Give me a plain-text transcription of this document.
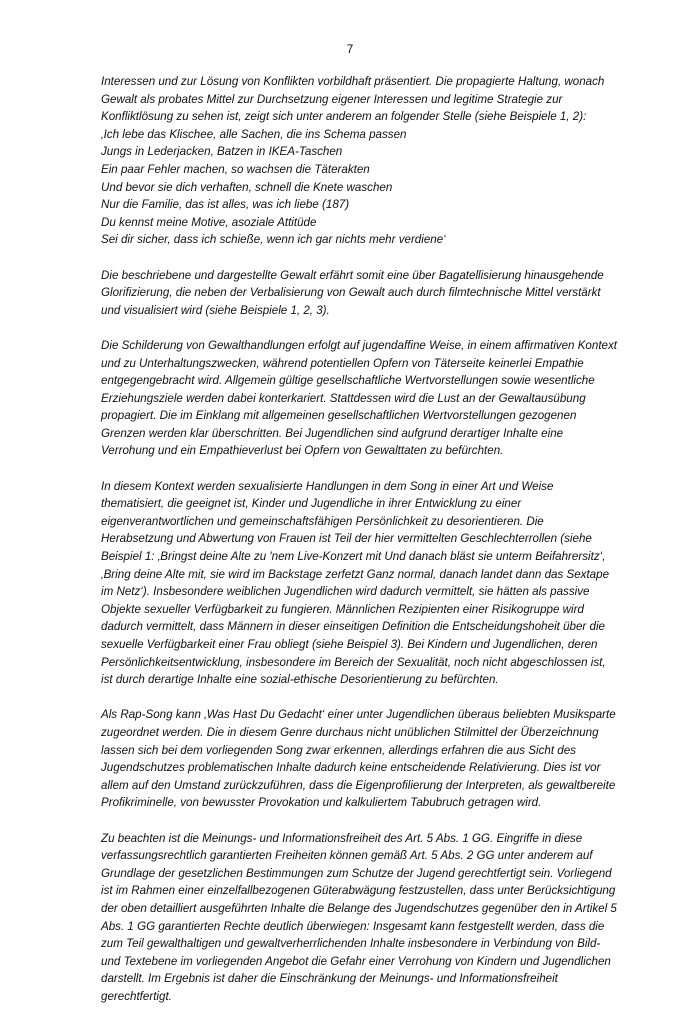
7

Interessen und zur Lösung von Konflikten vorbildhaft präsentiert. Die propagierte Haltung, wonach Gewalt als probates Mittel zur Durchsetzung eigener Interessen und legitime Strategie zur Konfliktlösung zu sehen ist, zeigt sich unter anderem an folgender Stelle (siehe Beispiele 1, 2):
‚Ich lebe das Klischee, alle Sachen, die ins Schema passen
Jungs in Lederjacken, Batzen in IKEA-Taschen
Ein paar Fehler machen, so wachsen die Täterakten
Und bevor sie dich verhaften, schnell die Knete waschen
Nur die Familie, das ist alles, was ich liebe (187)
Du kennst meine Motive, asoziale Attitüde
Sei dir sicher, dass ich schieße, wenn ich gar nichts mehr verdiene‘

Die beschriebene und dargestellte Gewalt erfährt somit eine über Bagatellisierung hinausgehende Glorifizierung, die neben der Verbalisierung von Gewalt auch durch filmtechnische Mittel verstärkt und visualisiert wird (siehe Beispiele 1, 2, 3).

Die Schilderung von Gewalthandlungen erfolgt auf jugendaffine Weise, in einem affirmativen Kontext und zu Unterhaltungszwecken, während potentiellen Opfern von Täterseite keinerlei Empathie entgegengebracht wird. Allgemein gültige gesellschaftliche Wertvorstellungen sowie wesentliche Erziehungsziele werden dabei konterkariert. Stattdessen wird die Lust an der Gewaltausübung propagiert. Die im Einklang mit allgemeinen gesellschaftlichen Wertvorstellungen gezogenen Grenzen werden klar überschritten. Bei Jugendlichen sind aufgrund derartiger Inhalte eine Verrohung und ein Empathieverlust bei Opfern von Gewalttaten zu befürchten.

In diesem Kontext werden sexualisierte Handlungen in dem Song in einer Art und Weise thematisiert, die geeignet ist, Kinder und Jugendliche in ihrer Entwicklung zu einer eigenverantwortlichen und gemeinschaftsfähigen Persönlichkeit zu desorientieren. Die Herabsetzung und Abwertung von Frauen ist Teil der hier vermittelten Geschlechterrollen (siehe Beispiel 1: ‚Bringst deine Alte zu 'nem Live-Konzert mit Und danach bläst sie unterm Beifahrersitz‘, ‚Bring deine Alte mit, sie wird im Backstage zerfetzt Ganz normal, danach landet dann das Sextape im Netz‘). Insbesondere weiblichen Jugendlichen wird dadurch vermittelt, sie hätten als passive Objekte sexueller Verfügbarkeit zu fungieren. Männlichen Rezipienten einer Risikogruppe wird dadurch vermittelt, dass Männern in dieser einseitigen Definition die Entscheidungshoheit über die sexuelle Verfügbarkeit einer Frau obliegt (siehe Beispiel 3). Bei Kindern und Jugendlichen, deren Persönlichkeitsentwicklung, insbesondere im Bereich der Sexualität, noch nicht abgeschlossen ist, ist durch derartige Inhalte eine sozial-ethische Desorientierung zu befürchten.

Als Rap-Song kann ‚Was Hast Du Gedacht‘ einer unter Jugendlichen überaus beliebten Musiksparte zugeordnet werden. Die in diesem Genre durchaus nicht unüblichen Stilmittel der Überzeichnung lassen sich bei dem vorliegenden Song zwar erkennen, allerdings erfahren die aus Sicht des Jugendschutzes problematischen Inhalte dadurch keine entscheidende Relativierung. Dies ist vor allem auf den Umstand zurückzuführen, dass die Eigenprofilierung der Interpreten, als gewaltbereite Profikriminelle, von bewusster Provokation und kalkuliertem Tabubruch getragen wird.

Zu beachten ist die Meinungs- und Informationsfreiheit des Art. 5 Abs. 1 GG. Eingriffe in diese verfassungsrechtlich garantierten Freiheiten können gemäß Art. 5 Abs. 2 GG unter anderem auf Grundlage der gesetzlichen Bestimmungen zum Schutze der Jugend gerechtfertigt sein. Vorliegend ist im Rahmen einer einzelfallbezogenen Güterabwägung festzustellen, dass unter Berücksichtigung der oben detailliert ausgeführten Inhalte die Belange des Jugendschutzes gegenüber den in Artikel 5 Abs. 1 GG garantierten Rechte deutlich überwiegen: Insgesamt kann festgestellt werden, dass die zum Teil gewalthaltigen und gewaltverherrlichenden Inhalte insbesondere in Verbindung von Bild- und Textebene im vorliegenden Angebot die Gefahr einer Verrohung von Kindern und Jugendlichen darstellt. Im Ergebnis ist daher die Einschränkung der Meinungs- und Informationsfreiheit gerechtfertigt.
